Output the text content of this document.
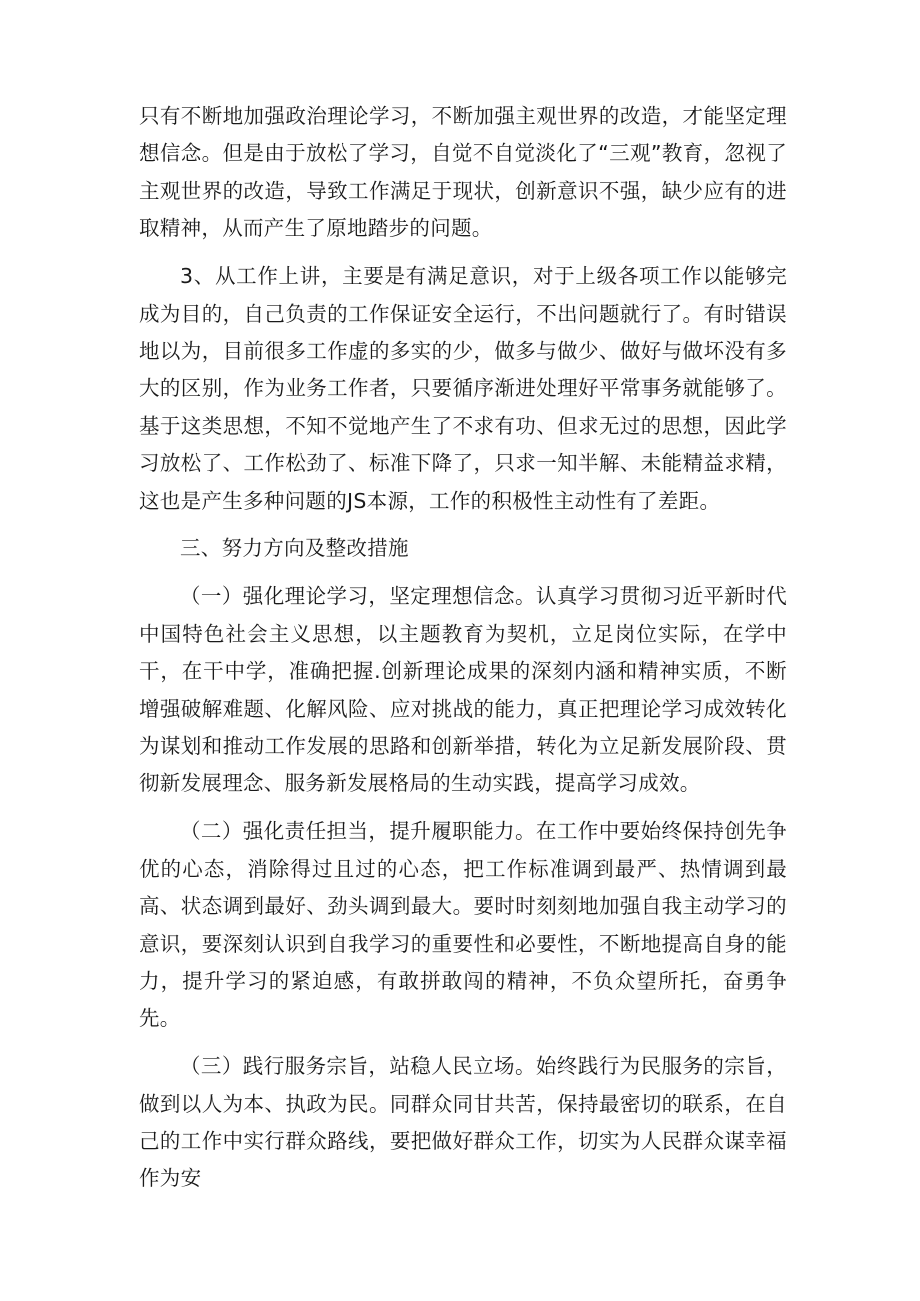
只有不断地加强政治理论学习，不断加强主观世界的改造，才能坚定理想信念。但是由于放松了学习，自觉不自觉淡化了“三观”教育，忽视了主观世界的改造，导致工作满足于现状，创新意识不强，缺少应有的进取精神，从而产生了原地踏步的问题。

3、从工作上讲，主要是有满足意识，对于上级各项工作以能够完成为目的，自己负责的工作保证安全运行，不出问题就行了。有时错误地以为，目前很多工作虚的多实的少，做多与做少、做好与做坏没有多大的区别，作为业务工作者，只要循序渐进处理好平常事务就能够了。基于这类思想，不知不觉地产生了不求有功、但求无过的思想，因此学习放松了、工作松劲了、标准下降了，只求一知半解、未能精益求精，这也是产生多种问题的JS本源，工作的积极性主动性有了差距。

三、努力方向及整改措施

（一）强化理论学习，坚定理想信念。认真学习贯彻习近平新时代中国特色社会主义思想，以主题教育为契机，立足岗位实际，在学中干，在干中学，准确把握.创新理论成果的深刻内涵和精神实质，不断增强破解难题、化解风险、应对挑战的能力，真正把理论学习成效转化为谋划和推动工作发展的思路和创新举措，转化为立足新发展阶段、贯彻新发展理念、服务新发展格局的生动实践，提高学习成效。

（二）强化责任担当，提升履职能力。在工作中要始终保持创先争优的心态，消除得过且过的心态，把工作标准调到最严、热情调到最高、状态调到最好、劲头调到最大。要时时刻刻地加强自我主动学习的意识，要深刻认识到自我学习的重要性和必要性，不断地提高自身的能力，提升学习的紧迫感，有敢拼敢闯的精神，不负众望所托，奋勇争先。

（三）践行服务宗旨，站稳人民立场。始终践行为民服务的宗旨，做到以人为本、执政为民。同群众同甘共苦，保持最密切的联系，在自己的工作中实行群众路线，要把做好群众工作，切实为人民群众谋幸福作为安
